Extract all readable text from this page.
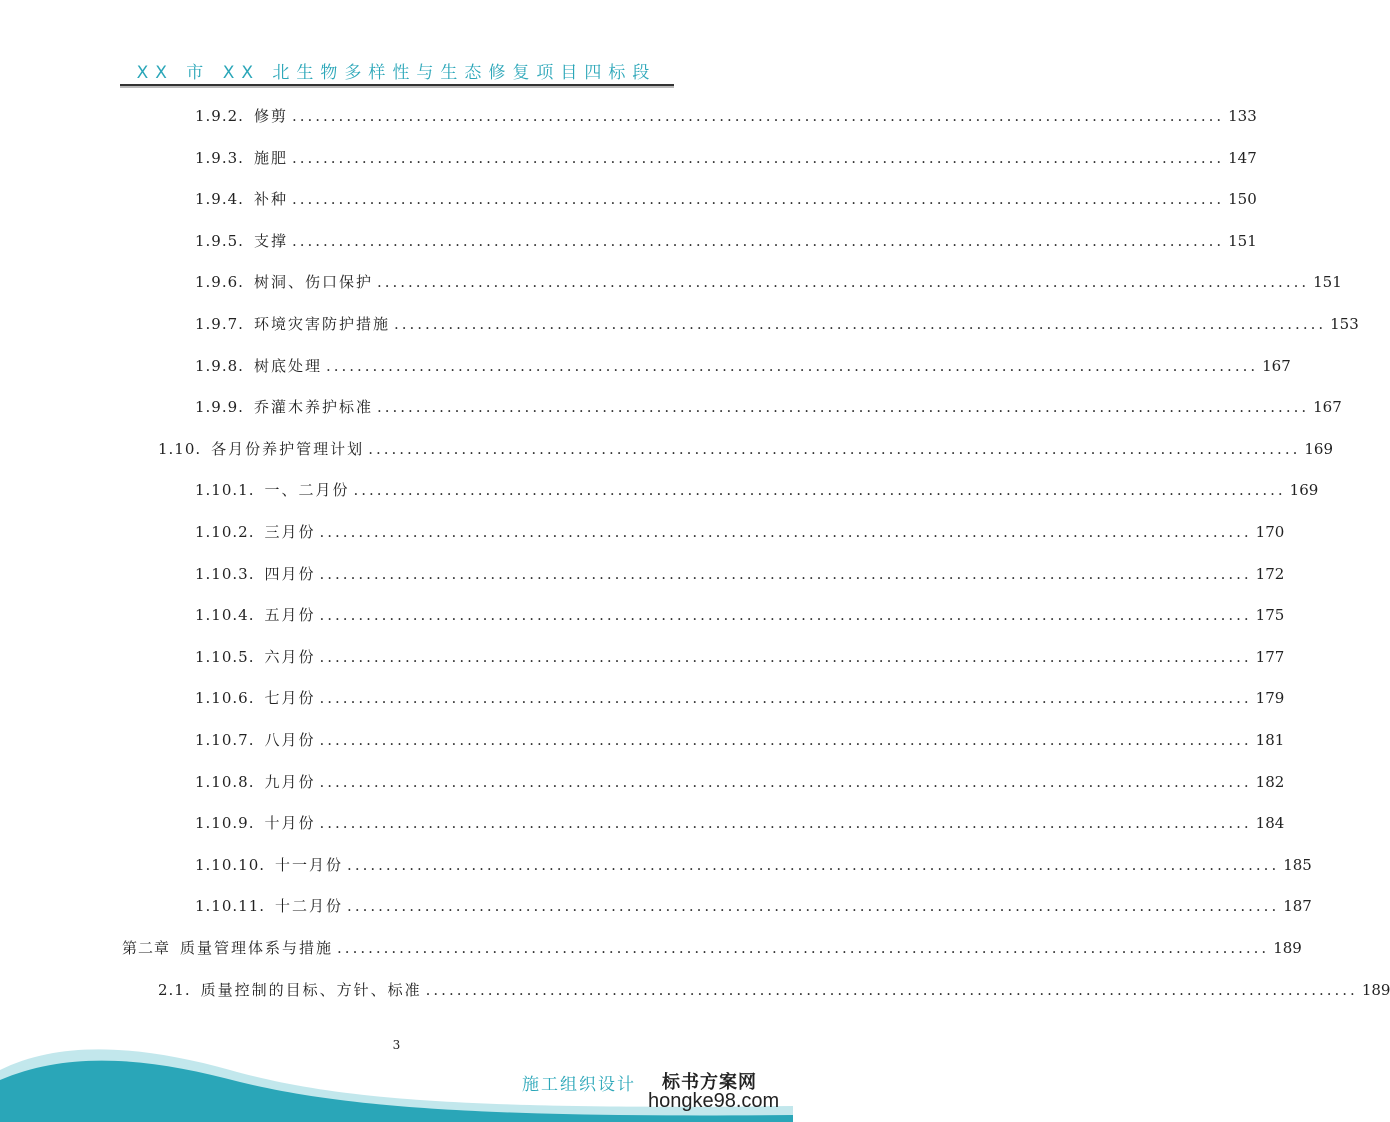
XX 市 XX 北生物多样性与生态修复项目四标段
1.9.2. 修剪 ........................................................................................................................ 133
1.9.3. 施肥 ........................................................................................................................ 147
1.9.4. 补种 ........................................................................................................................ 150
1.9.5. 支撑 ........................................................................................................................ 151
1.9.6. 树洞、伤口保护 ........................................................................................................................ 151
1.9.7. 环境灾害防护措施 ........................................................................................................................ 153
1.9.8. 树底处理 ........................................................................................................................ 167
1.9.9. 乔灌木养护标准 ........................................................................................................................ 167
1.10. 各月份养护管理计划 ........................................................................................................................ 169
1.10.1. 一、二月份 ........................................................................................................................ 169
1.10.2. 三月份 ........................................................................................................................ 170
1.10.3. 四月份 ........................................................................................................................ 172
1.10.4. 五月份 ........................................................................................................................ 175
1.10.5. 六月份 ........................................................................................................................ 177
1.10.6. 七月份 ........................................................................................................................ 179
1.10.7. 八月份 ........................................................................................................................ 181
1.10.8. 九月份 ........................................................................................................................ 182
1.10.9. 十月份 ........................................................................................................................ 184
1.10.10. 十一月份 ........................................................................................................................ 185
1.10.11. 十二月份 ........................................................................................................................ 187
第二章 质量管理体系与措施 ........................................................................................................................ 189
2.1. 质量控制的目标、方针、标准 ........................................................................................................................ 189
3
施工组织设计 标书方案网
hongke98.com
